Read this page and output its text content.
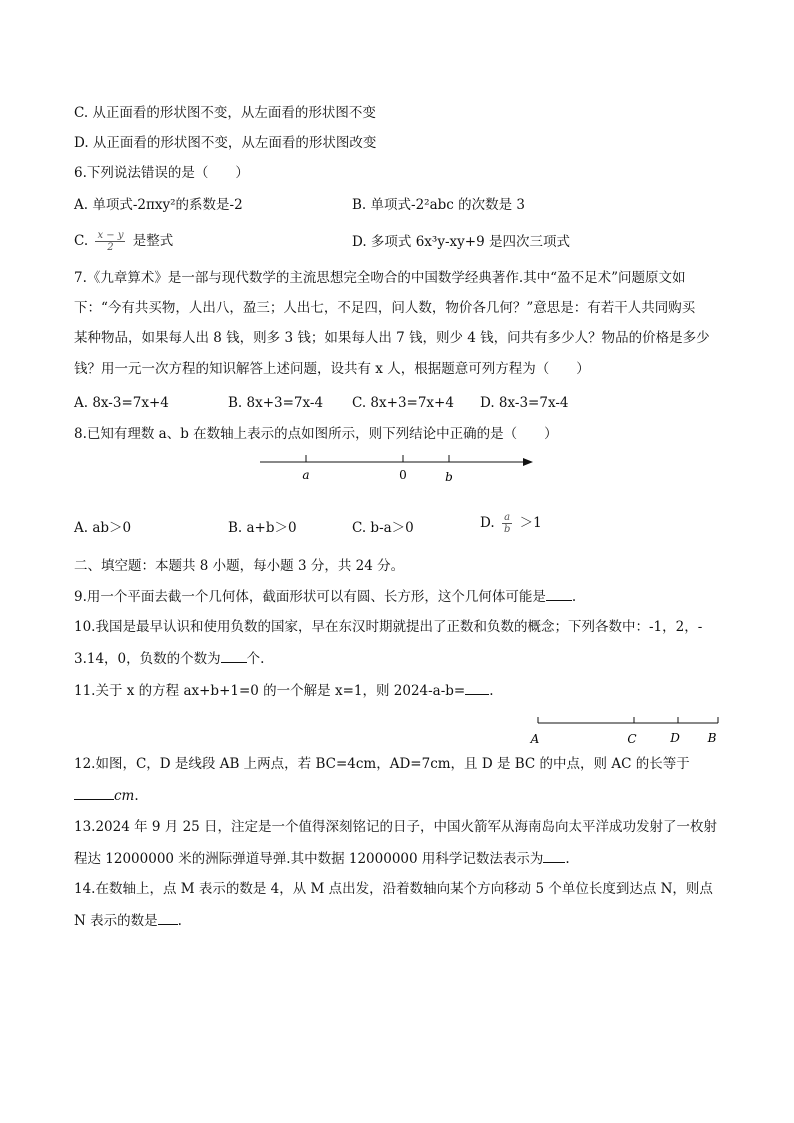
C. 从正面看的形状图不变，从左面看的形状图不变
D. 从正面看的形状图不变，从左面看的形状图改变
6.下列说法错误的是（　　）
A. 单项式-2πxy²的系数是-2	B. 单项式-2²abc 的次数是 3
C. $\frac{x - y}{2}$ 是整式	D. 多项式 6x³y-xy+9 是四次三项式
7.《九章算术》是一部与现代数学的主流思想完全吻合的中国数学经典著作.其中“盈不足术”问题原文如
下：“今有共买物，人出八，盈三；人出七，不足四，问人数，物价各几何？”意思是：有若干人共同购买
某种物品，如果每人出 8 钱，则多 3 钱；如果每人出 7 钱，则少 4 钱，问共有多少人？物品的价格是多少
钱？用一元一次方程的知识解答上述问题，设共有 x 人，根据题意可列方程为（　　）
A. 8x-3=7x+4	B. 8x+3=7x-4 C. 8x+3=7x+4 D. 8x-3=7x-4
8.已知有理数 a、b 在数轴上表示的点如图所示，则下列结论中正确的是（　　）
a	0	b
A. ab＞0	B. a+b＞0	C. b-a＞0	D. $\frac{a}{b} >1$
二、填空题：本题共 8 小题，每小题 3 分，共 24 分。
9.用一个平面去截一个几何体，截面形状可以有圆、长方形，这个几何体可能是 .
10.我国是最早认识和使用负数的国家，早在东汉时期就提出了正数和负数的概念；下列各数中：-1，2，-
3.14，0，负数的个数为 个.
11.关于 x 的方程 ax+b+1=0 的一个解是 x=1，则 2024-a-b= .
A	C	D B
12.如图，C，D 是线段 AB 上两点，若 BC=4cm，AD=7cm，且 D 是 BC 的中点，则 AC 的长等于
cm.
13.2024 年 9 月 25 日，注定是一个值得深刻铭记的日子，中国火箭军从海南岛向太平洋成功发射了一枚射
程达 12000000 米的洲际弹道导弹.其中数据 12000000 用科学记数法表示为 .
14.在数轴上，点 M 表示的数是 4，从 M 点出发，沿着数轴向某个方向移动 5 个单位长度到达点 N，则点
N 表示的数是 .
